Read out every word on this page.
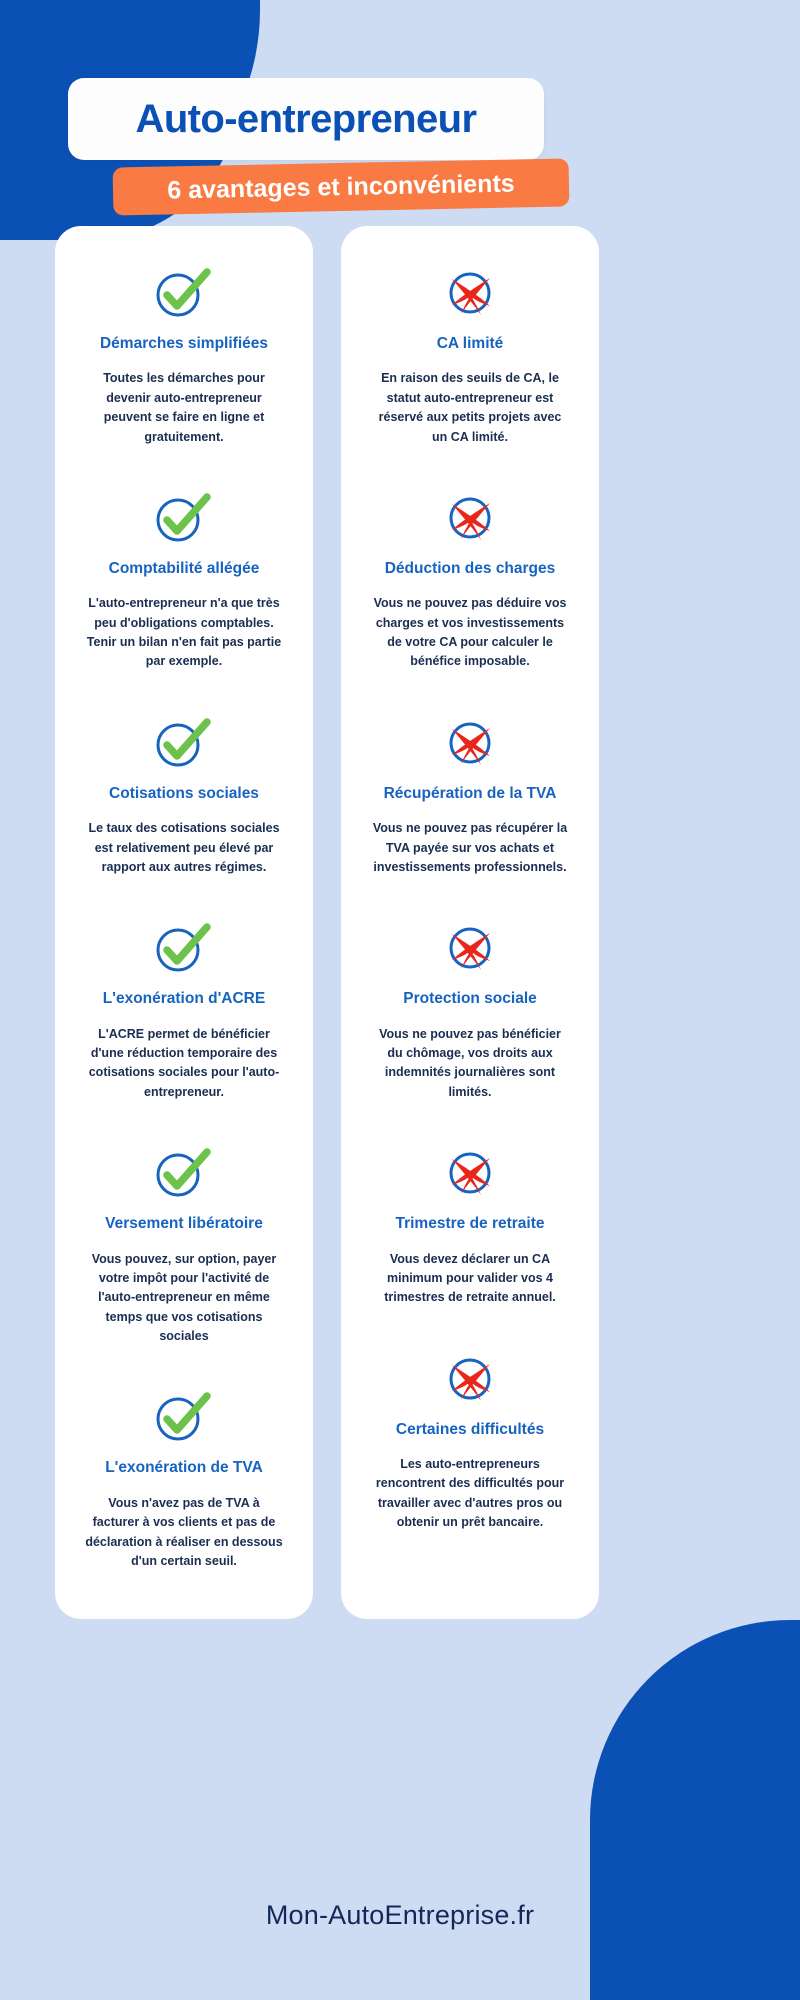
Auto-entrepreneur
6 avantages et inconvénients
Démarches simplifiées
Toutes les démarches pour devenir auto-entrepreneur peuvent se faire en ligne et gratuitement.
Comptabilité allégée
L'auto-entrepreneur n'a que très peu d'obligations comptables. Tenir un bilan n'en fait pas partie par exemple.
Cotisations sociales
Le taux des cotisations sociales est relativement peu élevé par rapport aux autres régimes.
L'exonération d'ACRE
L'ACRE permet de bénéficier d'une réduction temporaire des cotisations sociales pour l'auto-entrepreneur.
Versement libératoire
Vous pouvez, sur option, payer votre impôt pour l'activité de l'auto-entrepreneur en même temps que vos cotisations sociales
L'exonération de TVA
Vous n'avez pas de TVA à facturer à vos clients et pas de déclaration à réaliser en dessous d'un certain seuil.
CA limité
En raison des seuils de CA, le statut auto-entrepreneur est réservé aux petits projets avec un CA limité.
Déduction des charges
Vous ne pouvez pas déduire vos charges et vos investissements de votre CA pour calculer le bénéfice imposable.
Récupération de la TVA
Vous ne pouvez pas récupérer la TVA payée sur vos achats et investissements professionnels.
Protection sociale
Vous ne pouvez pas bénéficier du chômage, vos droits aux indemnités journalières sont limités.
Trimestre de retraite
Vous devez déclarer un CA minimum pour valider vos 4 trimestres de retraite annuel.
Certaines difficultés
Les auto-entrepreneurs rencontrent des difficultés pour travailler avec d'autres pros ou obtenir un prêt bancaire.
Mon-AutoEntreprise.fr
